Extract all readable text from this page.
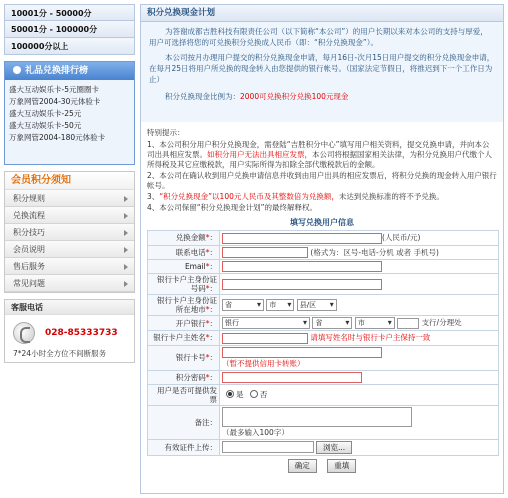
10001分 - 50000分
50001分 - 100000分
100000分以上
礼品兑换排行榜
盛大互动娱乐卡-5元圈圈卡
万象网管2004-30元体验卡
盛大互动娱乐卡-25元
盛大互动娱乐卡-50元
万象网管2004-180元体验卡
会员积分须知
积分规则
兑换流程
积分技巧
会员说明
售后服务
常见问题
客服电话
028-85333733
7*24小时全方位不间断服务
积分兑换现金计划

为答谢成都吉胜科技有限责任公司（以下简称“本公司”）的用户长期以来对本公司的支持与厚爱，用户可选择将您的可兑换积分兑换成人民币（即：“积分兑换现金”）。

本公司按月办理用户提交的积分兑换现金申请，每月16日-次月15日用户提交的积分兑换现金申请，在每月25日将用户所兑换的现金转入由您提供的银行帐号。（国家法定节假日，将推迟到下一个工作日为止）

积分兑换现金比例为：2000可兑换积分兑换100元现金

特别提示：
1、本公司积分用户积分兑换现金，需登陆“吉胜积分中心”填写用户相关资料，提交兑换申请，并向本公司出具相应发票。如积分用户无法出具相应发票，本公司将根据国家相关法律，为积分兑换用户代缴个人所得税及其它应缴税款，用户实际所得为扣除全部代缴税款后的金额。
2、本公司在确认收到用户兑换申请信息并收到由用户出具的相应发票后，将积分兑换的现金转入用户银行帐号。
3、“积分兑换现金”以100元人民币及其整数倍为兑换额，未达到兑换标准的将不予兑换。
4、本公司保留“积分兑换现金计划”的最终解释权。
填写兑换用户信息
兑换金额*：	(人民币/元)
联系电话*：	(格式为：区号-电话-分机 或者 手机号)
Email*：	
银行卡户主身份证号码*：	
银行卡户主身份证所在地市*：	省 ▾ 市 ▾ 县/区 ▾
开户银行*：	银行 ▾ 省 ▾ 市 ▾ 支行/分理处
银行卡户主姓名*：	请填写姓名时与银行卡户主保持一致
银行卡号*：	（暂不提供信用卡转账）
积分密码*：	
用户是否可提供发票	是 否
备注：	（最多输入100字）
有效证件上传：	浏览...
确定	重填
